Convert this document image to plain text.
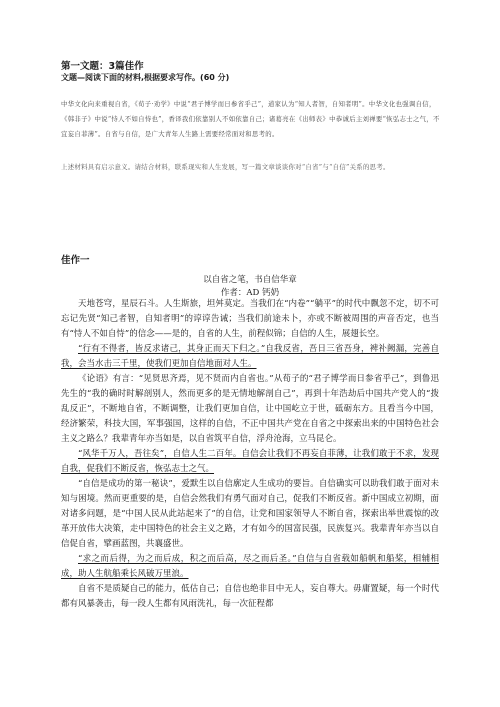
第一文题：3篇佳作
文题—阅读下面的材料,根据要求写作。(60 分)
中华文化向来重视自省，《荀子·劝学》中说“君子博学而日参省乎己”，道家认为“知人者智，自知者明”。中华文化也强调自信，《韩非子》中说“恃人不如自恃也”，香译我们依靠别人不如依靠自己；诸葛亮在《出师表》中恭诚后主刘禅要“恢弘志士之气，不宜妄自菲薄”。自省与自信，是广大青年人生路上需要经常面对和思考的。
上述材料具有启示意义。请结合材料，联系现实和人生发展，写一篇文章谈谈你对“自省”与“自信”关系的思考。
佳作一
以自省之笔，书自信华章
作者：AD 钙奶

天地苍穹，星辰石斗。人生斯旅，坦舛莫定。当我们在“内卷”“躺平”的时代中飘忽不定，切不可忘记先贤“知己者智，自知者明”的谆谆告诫；当我们前途未卜，亦或不断被周围的声音否定，也当有“恃人不如自恃”的信念——是的，自省的人生，前程似锦；自信的人生，展翅长空。

“行有不得者，皆反求诸己，其身正而天下归之。”自我反省，吾日三省吾身，裨补阙漏，完善自我，会当水击三千里，使我们更加自信地面对人生。

《论语》有言：“见贤思齐焉，见不贤而内自省也。”从荀子的“君子博学而日参省乎己”，到鲁迅先生的“我的确时时解剖别人，然而更多的是无情地解剖自己”，再到十年浩劫后中国共产党人的“拨乱反正”，不断地自省，不断调整，让我们更加自信，让中国屹立于世，砥砺东方。且看当今中国，经济繁荣，科技大国，军事强国，这样的自信，不正中国共产党在自省之中探索出来的中国特色社会主义之路么？我辈青年亦当如是，以自省筑平自信，浮舟沧海，立马昆仑。

“风华千万人，吾往矣”，自信人生二百年。自信会让我们不再妄自菲薄，让我们敢于不求，发现自我，促我们不断反省，恢弘志士之气。

“自信是成功的第一秘诀”，爱默生以自信廓定人生成功的要旨。自信确实可以助我们敢于面对未知与困境。然而更重要的是，自信会然我们有勇气面对自己，促我们不断反省。新中国成立初期，面对诸多问题，是“中国人民从此站起来了”的自信，让党和国家领导人不断自省，探索出举世震惊的改革开放伟大决策，走中国特色的社会主义之路，才有如今的国富民强，民族复兴。我辈青年亦当以自信促自省，擘画蓝图，共襄盛世。

“求之而后得，为之而后成，积之而后高，尽之而后圣。”自信与自省载如船帆和船桨，相辅相成，助人生航船乘长风破万里浪。

自省不是质疑自己的能力，低估自己；自信也绝非目中无人，妄自尊大。毋庸置疑，每一个时代都有风暴袭击，每一段人生都有风雨洗礼，每一次征程都
